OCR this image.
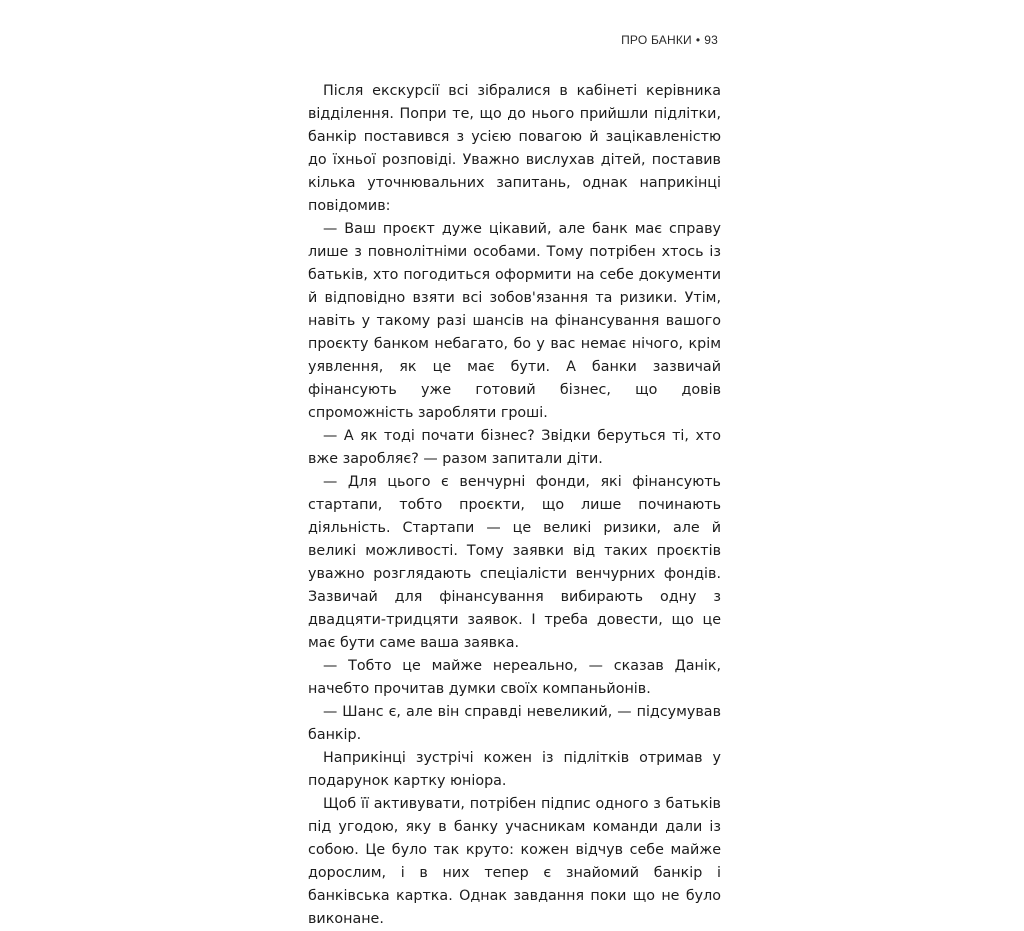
ПРО БАНКИ • 93

Після екскурсії всі зібралися в кабінеті керівника відділення. Попри те, що до нього прийшли підлітки, банкір поставився з усією повагою й зацікавленістю до їхньої розповіді. Уважно вислухав дітей, поставив кілька уточнювальних запитань, однак наприкінці повідомив:

— Ваш проєкт дуже цікавий, але банк має справу лише з повнолітніми особами. Тому потрібен хтось із батьків, хто погодиться оформити на себе документи й відповідно взяти всі зобов'язання та ризики. Утім, навіть у такому разі шансів на фінансування вашого проєкту банком небагато, бо у вас немає нічого, крім уявлення, як це має бути. А банки зазвичай фінансують уже готовий бізнес, що довів спроможність заробляти гроші.

— А як тоді почати бізнес? Звідки беруться ті, хто вже заробляє? — разом запитали діти.

— Для цього є венчурні фонди, які фінансують стартапи, тобто проєкти, що лише починають діяльність. Стартапи — це великі ризики, але й великі можливості. Тому заявки від таких проєктів уважно розглядають спеціалісти венчурних фондів. Зазвичай для фінансування вибирають одну з двадцяти-тридцяти заявок. І треба довести, що це має бути саме ваша заявка.

— Тобто це майже нереально, — сказав Данік, начебто прочитав думки своїх компаньйонів.

— Шанс є, але він справді невеликий, — підсумував банкір.

Наприкінці зустрічі кожен із підлітків отримав у подарунок картку юніора.

Щоб її активувати, потрібен підпис одного з батьків під угодою, яку в банку учасникам команди дали із собою. Це було так круто: кожен відчув себе майже дорослим, і в них тепер є знайомий банкір і банківська картка. Однак завдання поки що не було виконане.
